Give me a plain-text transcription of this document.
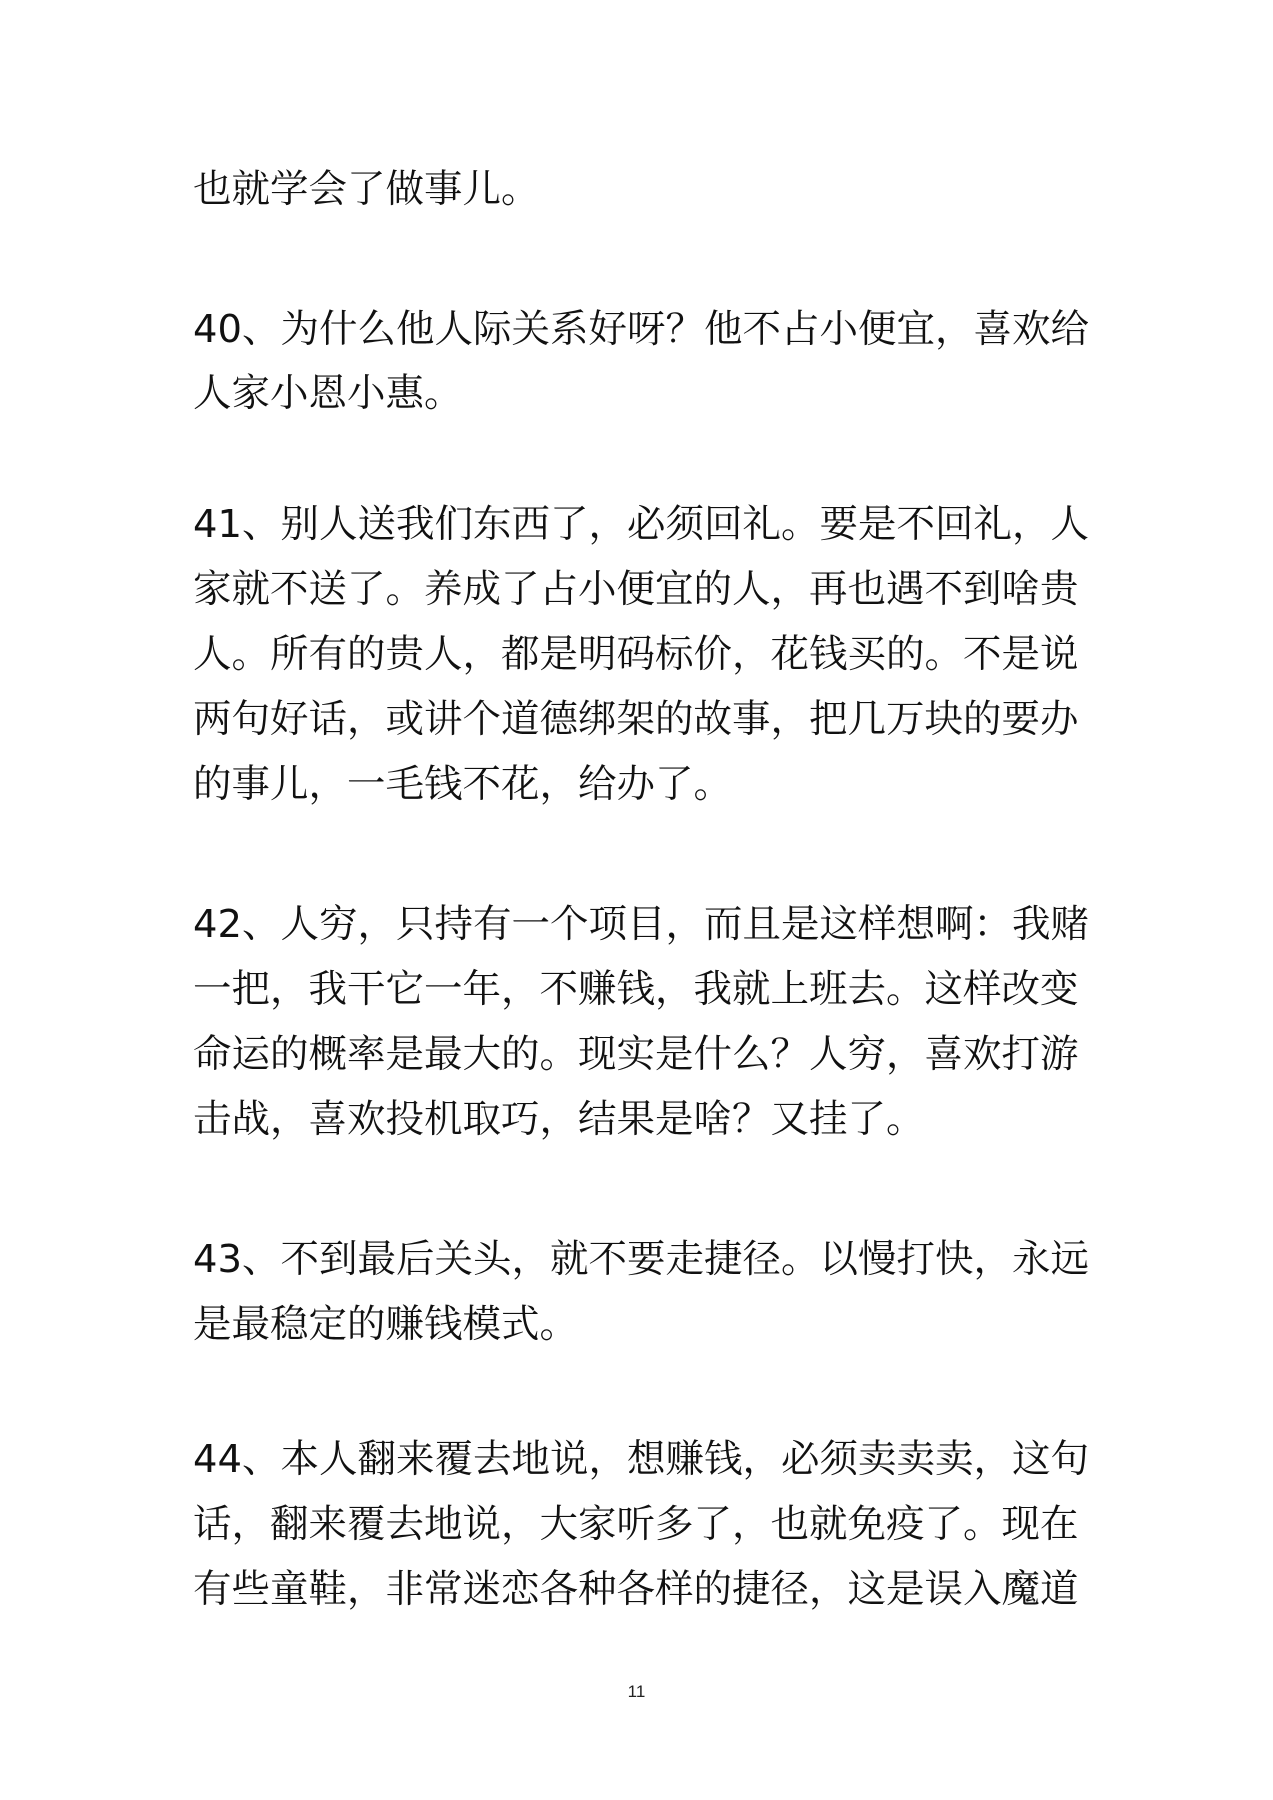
也就学会了做事儿。
40、为什么他人际关系好呀？他不占小便宜，喜欢给
人家小恩小惠。
41、别人送我们东西了，必须回礼。要是不回礼，人
家就不送了。养成了占小便宜的人，再也遇不到啥贵
人。所有的贵人，都是明码标价，花钱买的。不是说
两句好话，或讲个道德绑架的故事，把几万块的要办
的事儿，一毛钱不花，给办了。
42、人穷，只持有一个项目，而且是这样想啊：我赌
一把，我干它一年，不赚钱，我就上班去。这样改变
命运的概率是最大的。现实是什么？人穷，喜欢打游
击战，喜欢投机取巧，结果是啥？又挂了。
43、不到最后关头，就不要走捷径。以慢打快，永远
是最稳定的赚钱模式。
44、本人翻来覆去地说，想赚钱，必须卖卖卖，这句
话，翻来覆去地说，大家听多了，也就免疫了。现在
有些童鞋，非常迷恋各种各样的捷径，这是误入魔道
11
